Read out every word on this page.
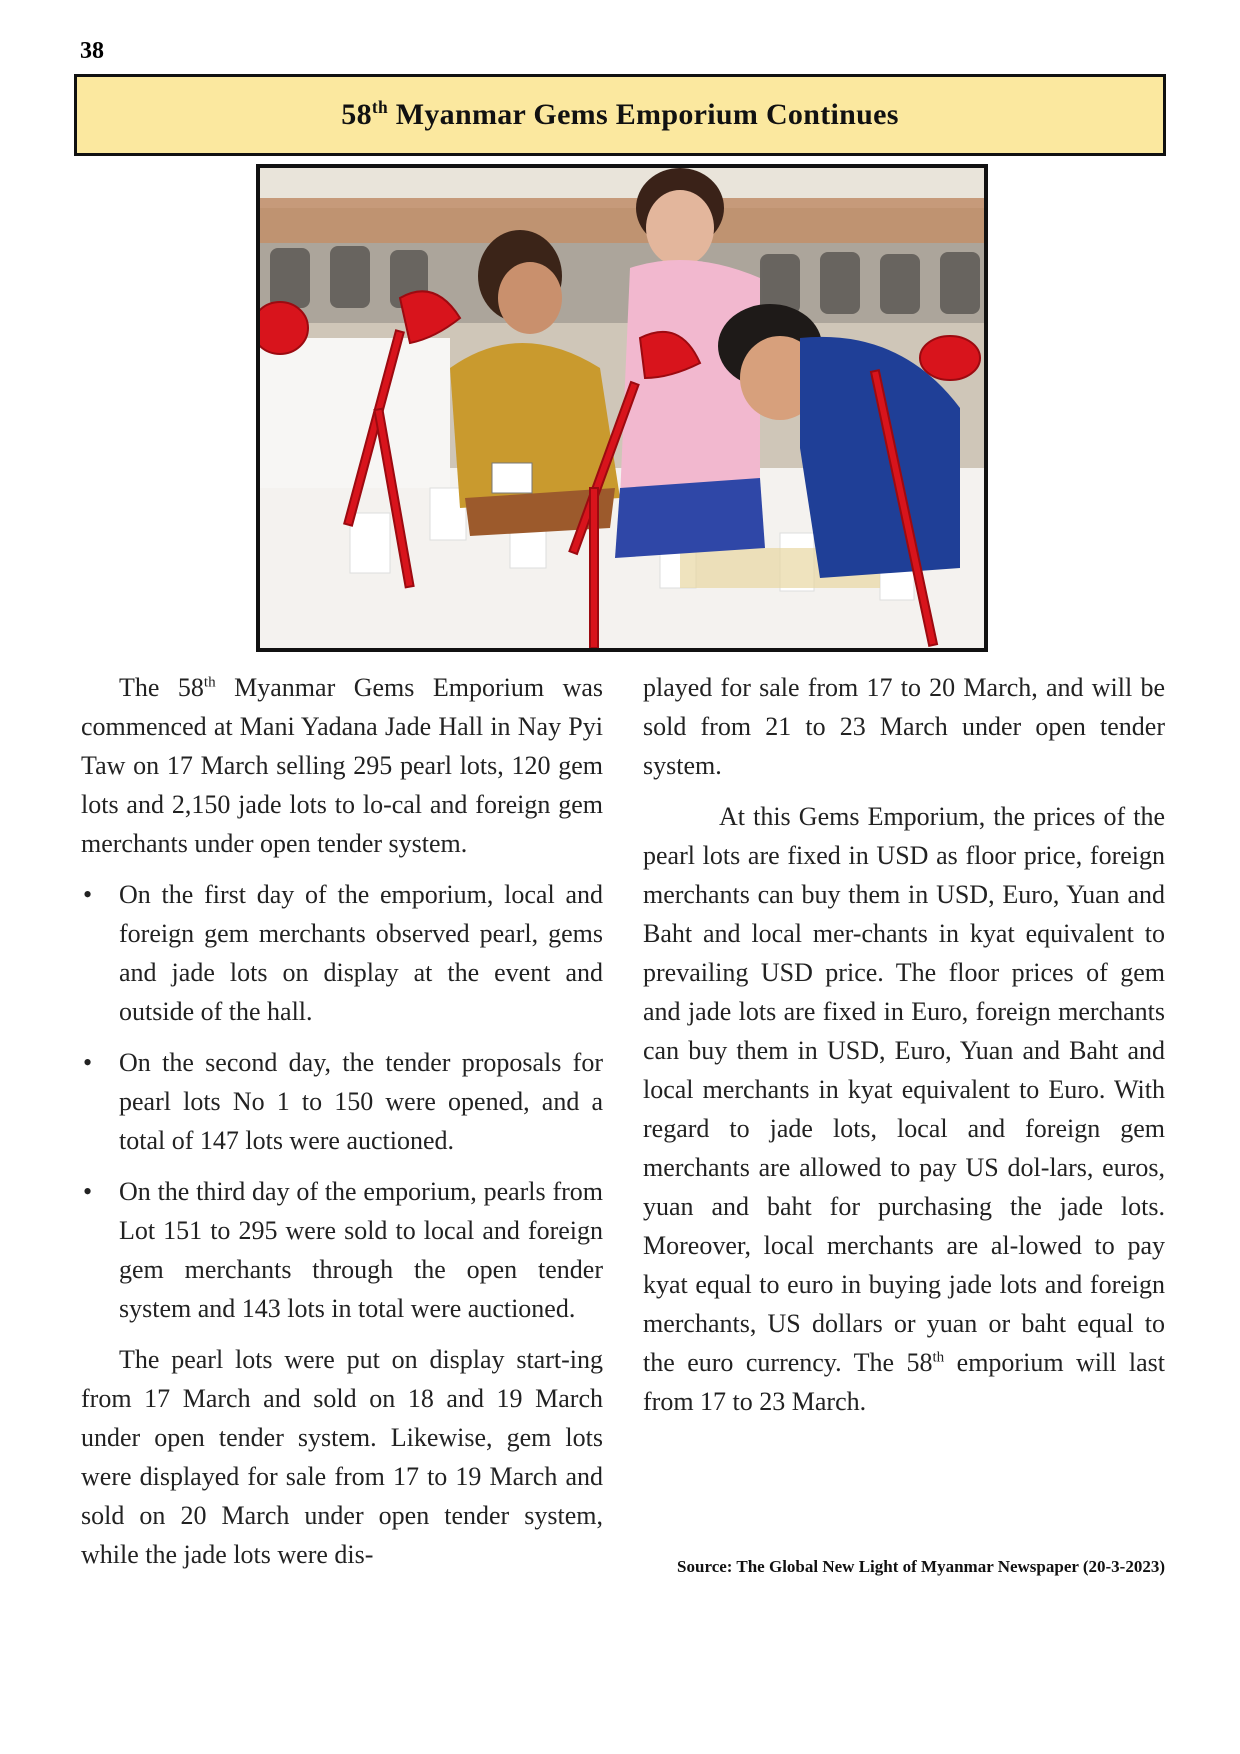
38
58th Myanmar Gems Emporium Continues

The 58th Myanmar Gems Emporium was commenced at Mani Yadana Jade Hall in Nay Pyi Taw on 17 March selling 295 pearl lots, 120 gem lots and 2,150 jade lots to lo-cal and foreign gem merchants under open tender system.

• On the first day of the emporium, local and foreign gem merchants observed pearl, gems and jade lots on display at the event and outside of the hall.
• On the second day, the tender proposals for pearl lots No 1 to 150 were opened, and a total of 147 lots were auctioned.
• On the third day of the emporium, pearls from Lot 151 to 295 were sold to local and foreign gem merchants through the open tender system and 143 lots in total were auctioned.

The pearl lots were put on display start-ing from 17 March and sold on 18 and 19 March under open tender system. Likewise, gem lots were displayed for sale from 17 to 19 March and sold on 20 March under open tender system, while the jade lots were dis-

played for sale from 17 to 20 March, and will be sold from 21 to 23 March under open tender system.

At this Gems Emporium, the prices of the pearl lots are fixed in USD as floor price, foreign merchants can buy them in USD, Euro, Yuan and Baht and local mer-chants in kyat equivalent to prevailing USD price. The floor prices of gem and jade lots are fixed in Euro, foreign merchants can buy them in USD, Euro, Yuan and Baht and local merchants in kyat equivalent to Euro. With regard to jade lots, local and foreign gem merchants are allowed to pay US dol-lars, euros, yuan and baht for purchasing the jade lots. Moreover, local merchants are al-lowed to pay kyat equal to euro in buying jade lots and foreign merchants, US dollars or yuan or baht equal to the euro currency. The 58th emporium will last from 17 to 23 March.

Source: The Global New Light of Myanmar Newspaper (20-3-2023)
